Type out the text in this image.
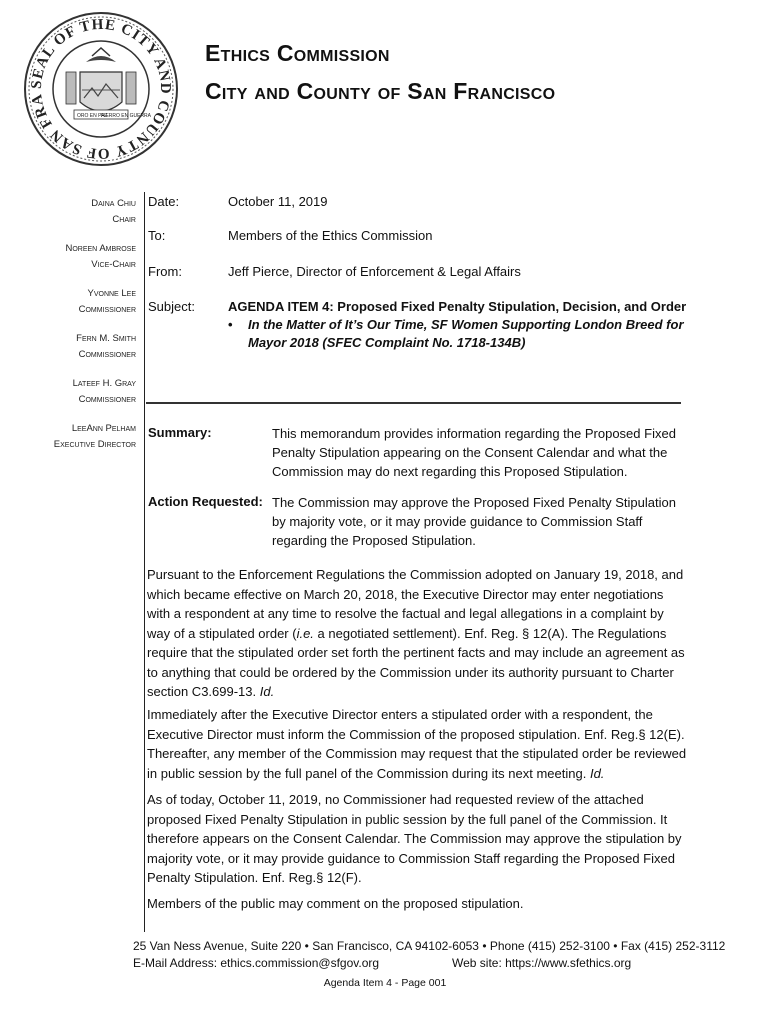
SEAL OF THE CITY AND COUNTY OF SAN FRA
ORO EN PAZ
FIERRO EN GUERRA
Ethics Commission
City and County of San Francisco
Daina Chiu
Chair
Noreen Ambrose
Vice-Chair
Yvonne Lee
Commissioner
Fern M. Smith
Commissioner
Lateef H. Gray
Commissioner
LeeAnn Pelham
Executive Director
Date:	October 11, 2019
To:	Members of the Ethics Commission
From:	Jeff Pierce, Director of Enforcement & Legal Affairs
Subject:	AGENDA ITEM 4: Proposed Fixed Penalty Stipulation, Decision, and Order
•	In the Matter of It’s Our Time, SF Women Supporting London Breed for Mayor 2018 (SFEC Complaint No. 1718-134B)
Summary:	This memorandum provides information regarding the Proposed Fixed Penalty Stipulation appearing on the Consent Calendar and what the Commission may do next regarding this Proposed Stipulation.
Action Requested: The Commission may approve the Proposed Fixed Penalty Stipulation by majority vote, or it may provide guidance to Commission Staff regarding the Proposed Stipulation.
Pursuant to the Enforcement Regulations the Commission adopted on January 19, 2018, and which became effective on March 20, 2018, the Executive Director may enter negotiations with a respondent at any time to resolve the factual and legal allegations in a complaint by way of a stipulated order (i.e. a negotiated settlement). Enf. Reg. § 12(A). The Regulations require that the stipulated order set forth the pertinent facts and may include an agreement as to anything that could be ordered by the Commission under its authority pursuant to Charter section C3.699-13. Id.
Immediately after the Executive Director enters a stipulated order with a respondent, the Executive Director must inform the Commission of the proposed stipulation. Enf. Reg.§ 12(E). Thereafter, any member of the Commission may request that the stipulated order be reviewed in public session by the full panel of the Commission during its next meeting. Id.
As of today, October 11, 2019, no Commissioner had requested review of the attached proposed Fixed Penalty Stipulation in public session by the full panel of the Commission. It therefore appears on the Consent Calendar. The Commission may approve the stipulation by majority vote, or it may provide guidance to Commission Staff regarding the Proposed Fixed Penalty Stipulation. Enf. Reg.§ 12(F).
Members of the public may comment on the proposed stipulation.
25 Van Ness Avenue, Suite 220 • San Francisco, CA 94102-6053 • Phone (415) 252-3100 • Fax (415) 252-3112
E-Mail Address: ethics.commission@sfgov.org	Web site: https://www.sfethics.org
Agenda Item 4 - Page 001
